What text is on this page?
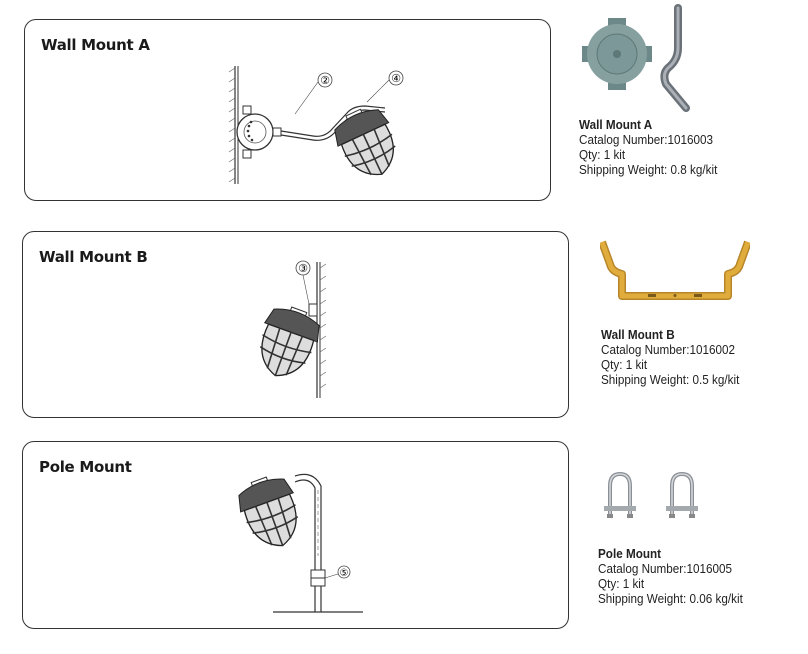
Wall Mount A
②	④
Wall Mount A
Catalog Number:1016003
Qty: 1 kit
Shipping Weight: 0.8 kg/kit
Wall Mount B
③
Wall Mount B
Catalog Number:1016002
Qty: 1 kit
Shipping Weight: 0.5 kg/kit
Pole Mount
⑤
Pole Mount
Catalog Number:1016005
Qty: 1 kit
Shipping Weight: 0.06 kg/kit
